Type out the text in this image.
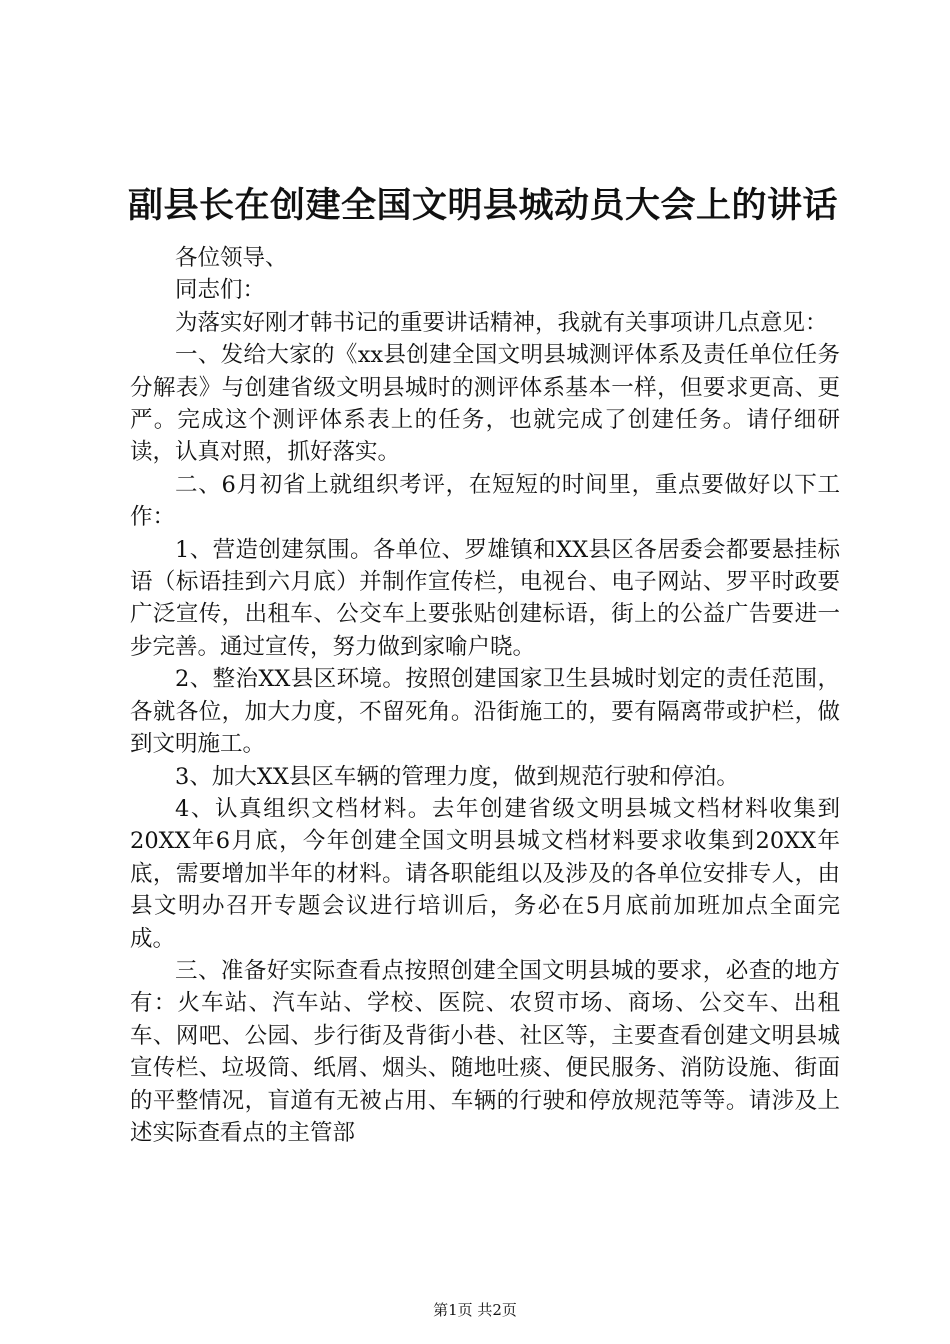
副县长在创建全国文明县城动员大会上的讲话

各位领导、

同志们：

为落实好刚才韩书记的重要讲话精神，我就有关事项讲几点意见：

一、发给大家的《xx县创建全国文明县城测评体系及责任单位任务分解表》与创建省级文明县城时的测评体系基本一样，但要求更高、更严。完成这个测评体系表上的任务，也就完成了创建任务。请仔细研读，认真对照，抓好落实。

二、6月初省上就组织考评，在短短的时间里，重点要做好以下工作：

1、营造创建氛围。各单位、罗雄镇和XX县区各居委会都要悬挂标语（标语挂到六月底）并制作宣传栏，电视台、电子网站、罗平时政要广泛宣传，出租车、公交车上要张贴创建标语，街上的公益广告要进一步完善。通过宣传，努力做到家喻户晓。

2、整治XX县区环境。按照创建国家卫生县城时划定的责任范围，各就各位，加大力度，不留死角。沿街施工的，要有隔离带或护栏，做到文明施工。

3、加大XX县区车辆的管理力度，做到规范行驶和停泊。

4、认真组织文档材料。去年创建省级文明县城文档材料收集到20XX年6月底，今年创建全国文明县城文档材料要求收集到20XX年底，需要增加半年的材料。请各职能组以及涉及的各单位安排专人，由县文明办召开专题会议进行培训后，务必在5月底前加班加点全面完成。

三、准备好实际查看点按照创建全国文明县城的要求，必查的地方有：火车站、汽车站、学校、医院、农贸市场、商场、公交车、出租车、网吧、公园、步行街及背街小巷、社区等，主要查看创建文明县城宣传栏、垃圾筒、纸屑、烟头、随地吐痰、便民服务、消防设施、街面的平整情况，盲道有无被占用、车辆的行驶和停放规范等等。请涉及上述实际查看点的主管部

第1页 共2页
